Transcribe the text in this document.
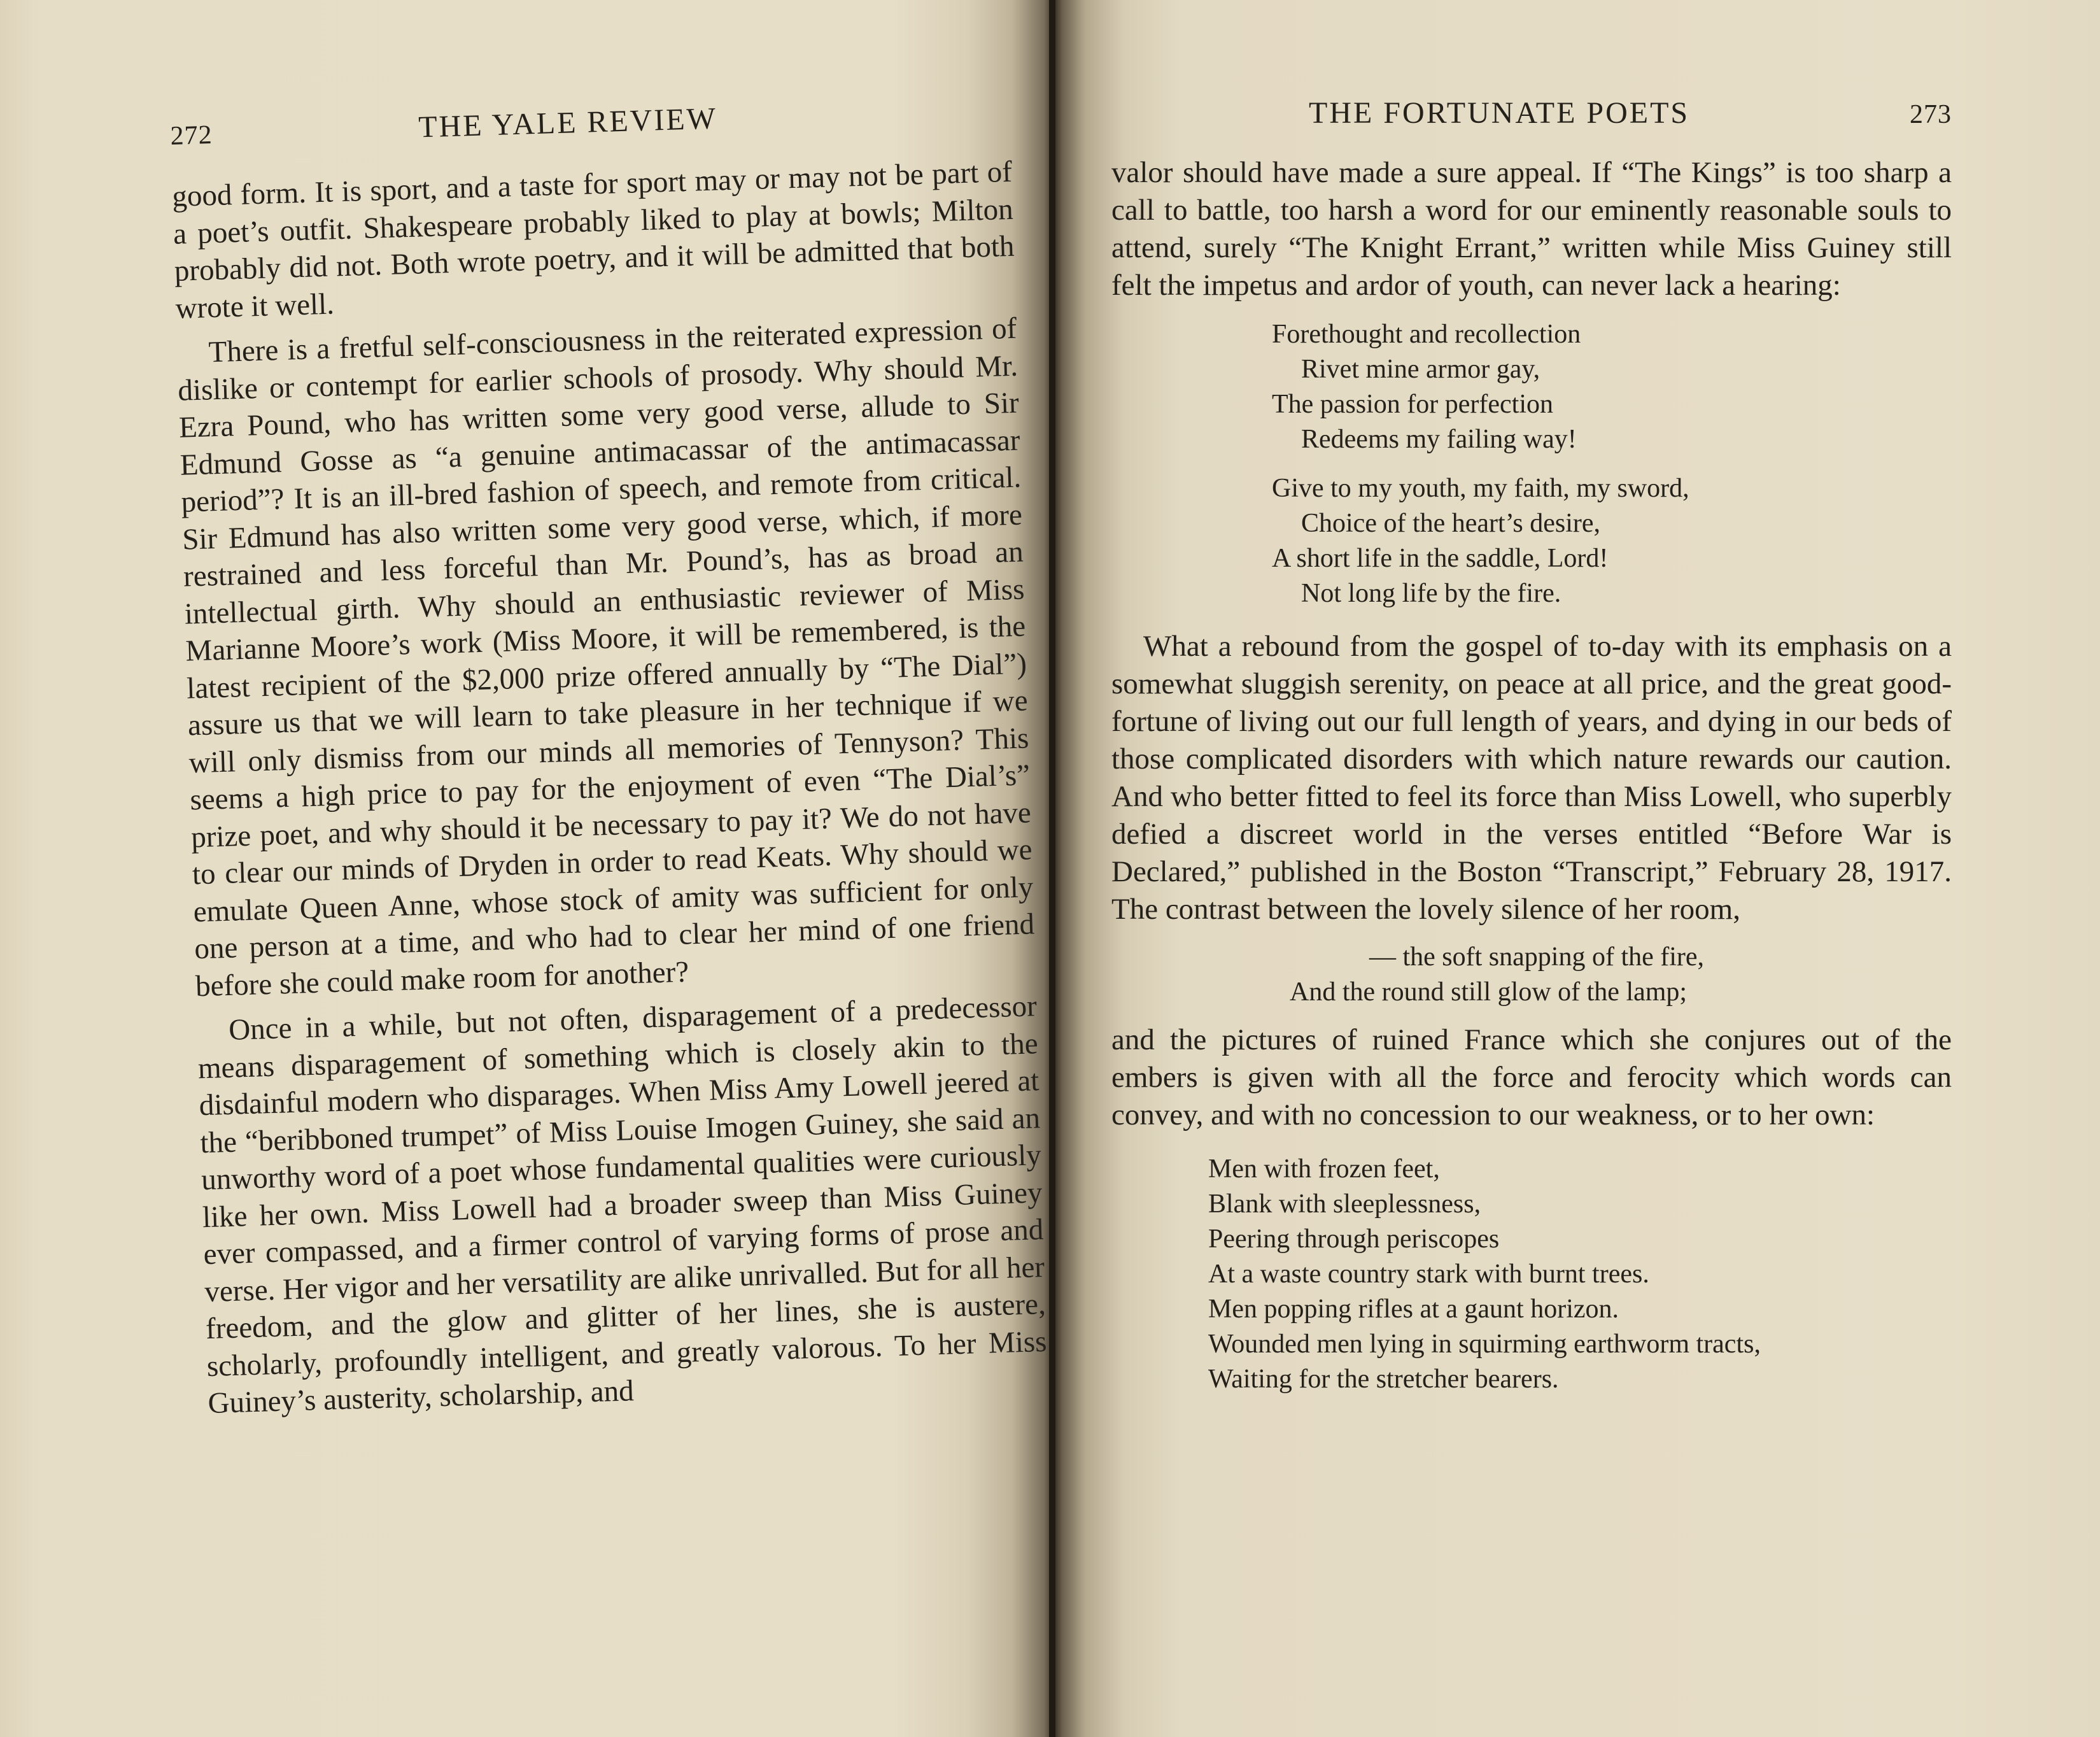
272	THE YALE REVIEW

good form. It is sport, and a taste for sport may or may not be part of a poet’s outfit. Shakespeare probably liked to play at bowls; Milton probably did not. Both wrote poetry, and it will be admitted that both wrote it well.

There is a fretful self-consciousness in the reiterated expression of dislike or contempt for earlier schools of prosody. Why should Mr. Ezra Pound, who has written some very good verse, allude to Sir Edmund Gosse as “a genuine antimacassar of the antimacassar period”? It is an ill-bred fashion of speech, and remote from critical. Sir Edmund has also written some very good verse, which, if more restrained and less forceful than Mr. Pound’s, has as broad an intellectual girth. Why should an enthusiastic reviewer of Miss Marianne Moore’s work (Miss Moore, it will be remembered, is the latest recipient of the $2,000 prize offered annually by “The Dial”) assure us that we will learn to take pleasure in her technique if we will only dismiss from our minds all memories of Tennyson? This seems a high price to pay for the enjoyment of even “The Dial’s” prize poet, and why should it be necessary to pay it? We do not have to clear our minds of Dryden in order to read Keats. Why should we emulate Queen Anne, whose stock of amity was sufficient for only one person at a time, and who had to clear her mind of one friend before she could make room for another?

Once in a while, but not often, disparagement of a predecessor means disparagement of something which is closely akin to the disdainful modern who disparages. When Miss Amy Lowell jeered at the “beribboned trumpet” of Miss Louise Imogen Guiney, she said an unworthy word of a poet whose fundamental qualities were curiously like her own. Miss Lowell had a broader sweep than Miss Guiney ever compassed, and a firmer control of varying forms of prose and verse. Her vigor and her versatility are alike unrivalled. But for all her freedom, and the glow and glitter of her lines, she is austere, scholarly, profoundly intelligent, and greatly valorous. To her Miss Guiney’s austerity, scholarship, and

THE FORTUNATE POETS	273

valor should have made a sure appeal. If “The Kings” is too sharp a call to battle, too harsh a word for our eminently reasonable souls to attend, surely “The Knight Errant,” written while Miss Guiney still felt the impetus and ardor of youth, can never lack a hearing:

Forethought and recollection
Rivet mine armor gay,
The passion for perfection
Redeems my failing way!
Give to my youth, my faith, my sword,
Choice of the heart’s desire,
A short life in the saddle, Lord!
Not long life by the fire.

What a rebound from the gospel of to-day with its emphasis on a somewhat sluggish serenity, on peace at all price, and the great good-fortune of living out our full length of years, and dying in our beds of those complicated disorders with which nature rewards our caution. And who better fitted to feel its force than Miss Lowell, who superbly defied a discreet world in the verses entitled “Before War is Declared,” published in the Boston “Transcript,” February 28, 1917. The contrast between the lovely silence of her room,

— the soft snapping of the fire,
And the round still glow of the lamp;

and the pictures of ruined France which she conjures out of the embers is given with all the force and ferocity which words can convey, and with no concession to our weakness, or to her own:

Men with frozen feet,
Blank with sleeplessness,
Peering through periscopes
At a waste country stark with burnt trees.
Men popping rifles at a gaunt horizon.
Wounded men lying in squirming earthworm tracts,
Waiting for the stretcher bearers.
